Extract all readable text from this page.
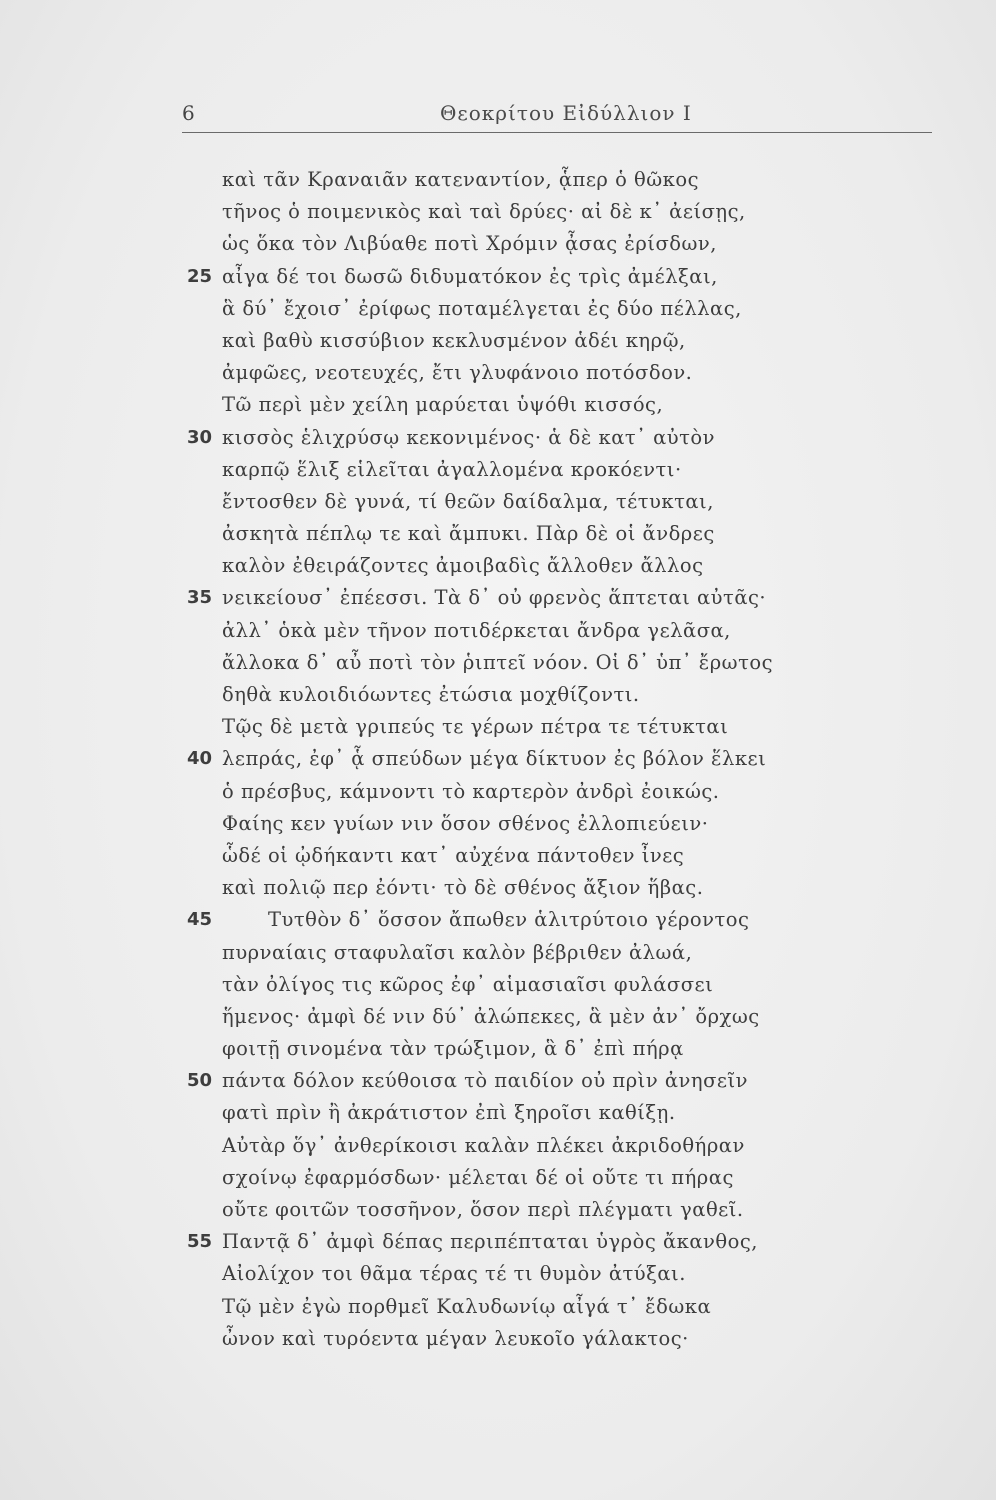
6	Θεοκρίτου Εἰδύλλιον Ι
καὶ τᾶν Κραναιᾶν κατεναντίον, ᾇπερ ὁ θῶκος
τῆνος ὁ ποιμενικὸς καὶ ταὶ δρύες· αἰ δὲ κ᾽ ἀείσῃς,
ὡς ὅκα τὸν Λιβύαθε ποτὶ Χρόμιν ᾆσας ἐρίσδων,
25 αἶγα δέ τοι δωσῶ διδυματόκον ἐς τρὶς ἀμέλξαι,
ἃ δύ᾽ ἔχοισ᾽ ἐρίφως ποταμέλγεται ἐς δύο πέλλας,
καὶ βαθὺ κισσύβιον κεκλυσμένον ἁδέι κηρῷ,
ἀμφῶες, νεοτευχές, ἔτι γλυφάνοιο ποτόσδον.
Τῶ περὶ μὲν χείλη μαρύεται ὑψόθι κισσός,
30 κισσὸς ἑλιχρύσῳ κεκονιμένος· ἁ δὲ κατ᾽ αὐτὸν
καρπῷ ἕλιξ εἱλεῖται ἀγαλλομένα κροκόεντι·
ἔντοσθεν δὲ γυνά, τί θεῶν δαίδαλμα, τέτυκται,
ἀσκητὰ πέπλῳ τε καὶ ἄμπυκι. Πὰρ δὲ οἱ ἄνδρες
καλὸν ἐθειράζοντες ἀμοιβαδὶς ἄλλοθεν ἄλλος
35 νεικείουσ᾽ ἐπέεσσι. Τὰ δ᾽ οὐ φρενὸς ἅπτεται αὐτᾶς·
ἀλλ᾽ ὁκὰ μὲν τῆνον ποτιδέρκεται ἄνδρα γελᾶσα,
ἄλλοκα δ᾽ αὖ ποτὶ τὸν ῥιπτεῖ νόον. Οἱ δ᾽ ὑπ᾽ ἔρωτος
δηθὰ κυλοιδιόωντες ἐτώσια μοχθίζοντι.
Τῷς δὲ μετὰ γριπεύς τε γέρων πέτρα τε τέτυκται
40 λεπράς, ἐφ᾽ ᾇ σπεύδων μέγα δίκτυον ἐς βόλον ἕλκει
ὁ πρέσβυς, κάμνοντι τὸ καρτερὸν ἀνδρὶ ἐοικώς.
Φαίης κεν γυίων νιν ὅσον σθένος ἐλλοπιεύειν·
ὧδέ οἱ ᾠδήκαντι κατ᾽ αὐχένα πάντοθεν ἶνες
καὶ πολιῷ περ ἐόντι· τὸ δὲ σθένος ἄξιον ἥβας.
45	Τυτθὸν δ᾽ ὅσσον ἄπωθεν ἁλιτρύτοιο γέροντος
πυρναίαις σταφυλαῖσι καλὸν βέβριθεν ἀλωά,
τὰν ὀλίγος τις κῶρος ἐφ᾽ αἱμασιαῖσι φυλάσσει
ἥμενος· ἀμφὶ δέ νιν δύ᾽ ἀλώπεκες, ἃ μὲν ἀν᾽ ὄρχως
φοιτῇ σινομένα τὰν τρώξιμον, ἃ δ᾽ ἐπὶ πήρᾳ
50 πάντα δόλον κεύθοισα τὸ παιδίον οὐ πρὶν ἀνησεῖν
φατὶ πρὶν ἢ ἀκράτιστον ἐπὶ ξηροῖσι καθίξῃ.
Αὐτὰρ ὅγ᾽ ἀνθερίκοισι καλὰν πλέκει ἀκριδοθήραν
σχοίνῳ ἐφαρμόσδων· μέλεται δέ οἱ οὔτε τι πήρας
οὔτε φοιτῶν τοσσῆνον, ὅσον περὶ πλέγματι γαθεῖ.
55 Παντᾷ δ᾽ ἀμφὶ δέπας περιπέπταται ὑγρὸς ἄκανθος,
Αἰολίχον τοι θᾶμα τέρας τέ τι θυμὸν ἀτύξαι.
Τῷ μὲν ἐγὼ πορθμεῖ Καλυδωνίῳ αἶγά τ᾽ ἔδωκα
ὦνον καὶ τυρόεντα μέγαν λευκοῖο γάλακτος·
